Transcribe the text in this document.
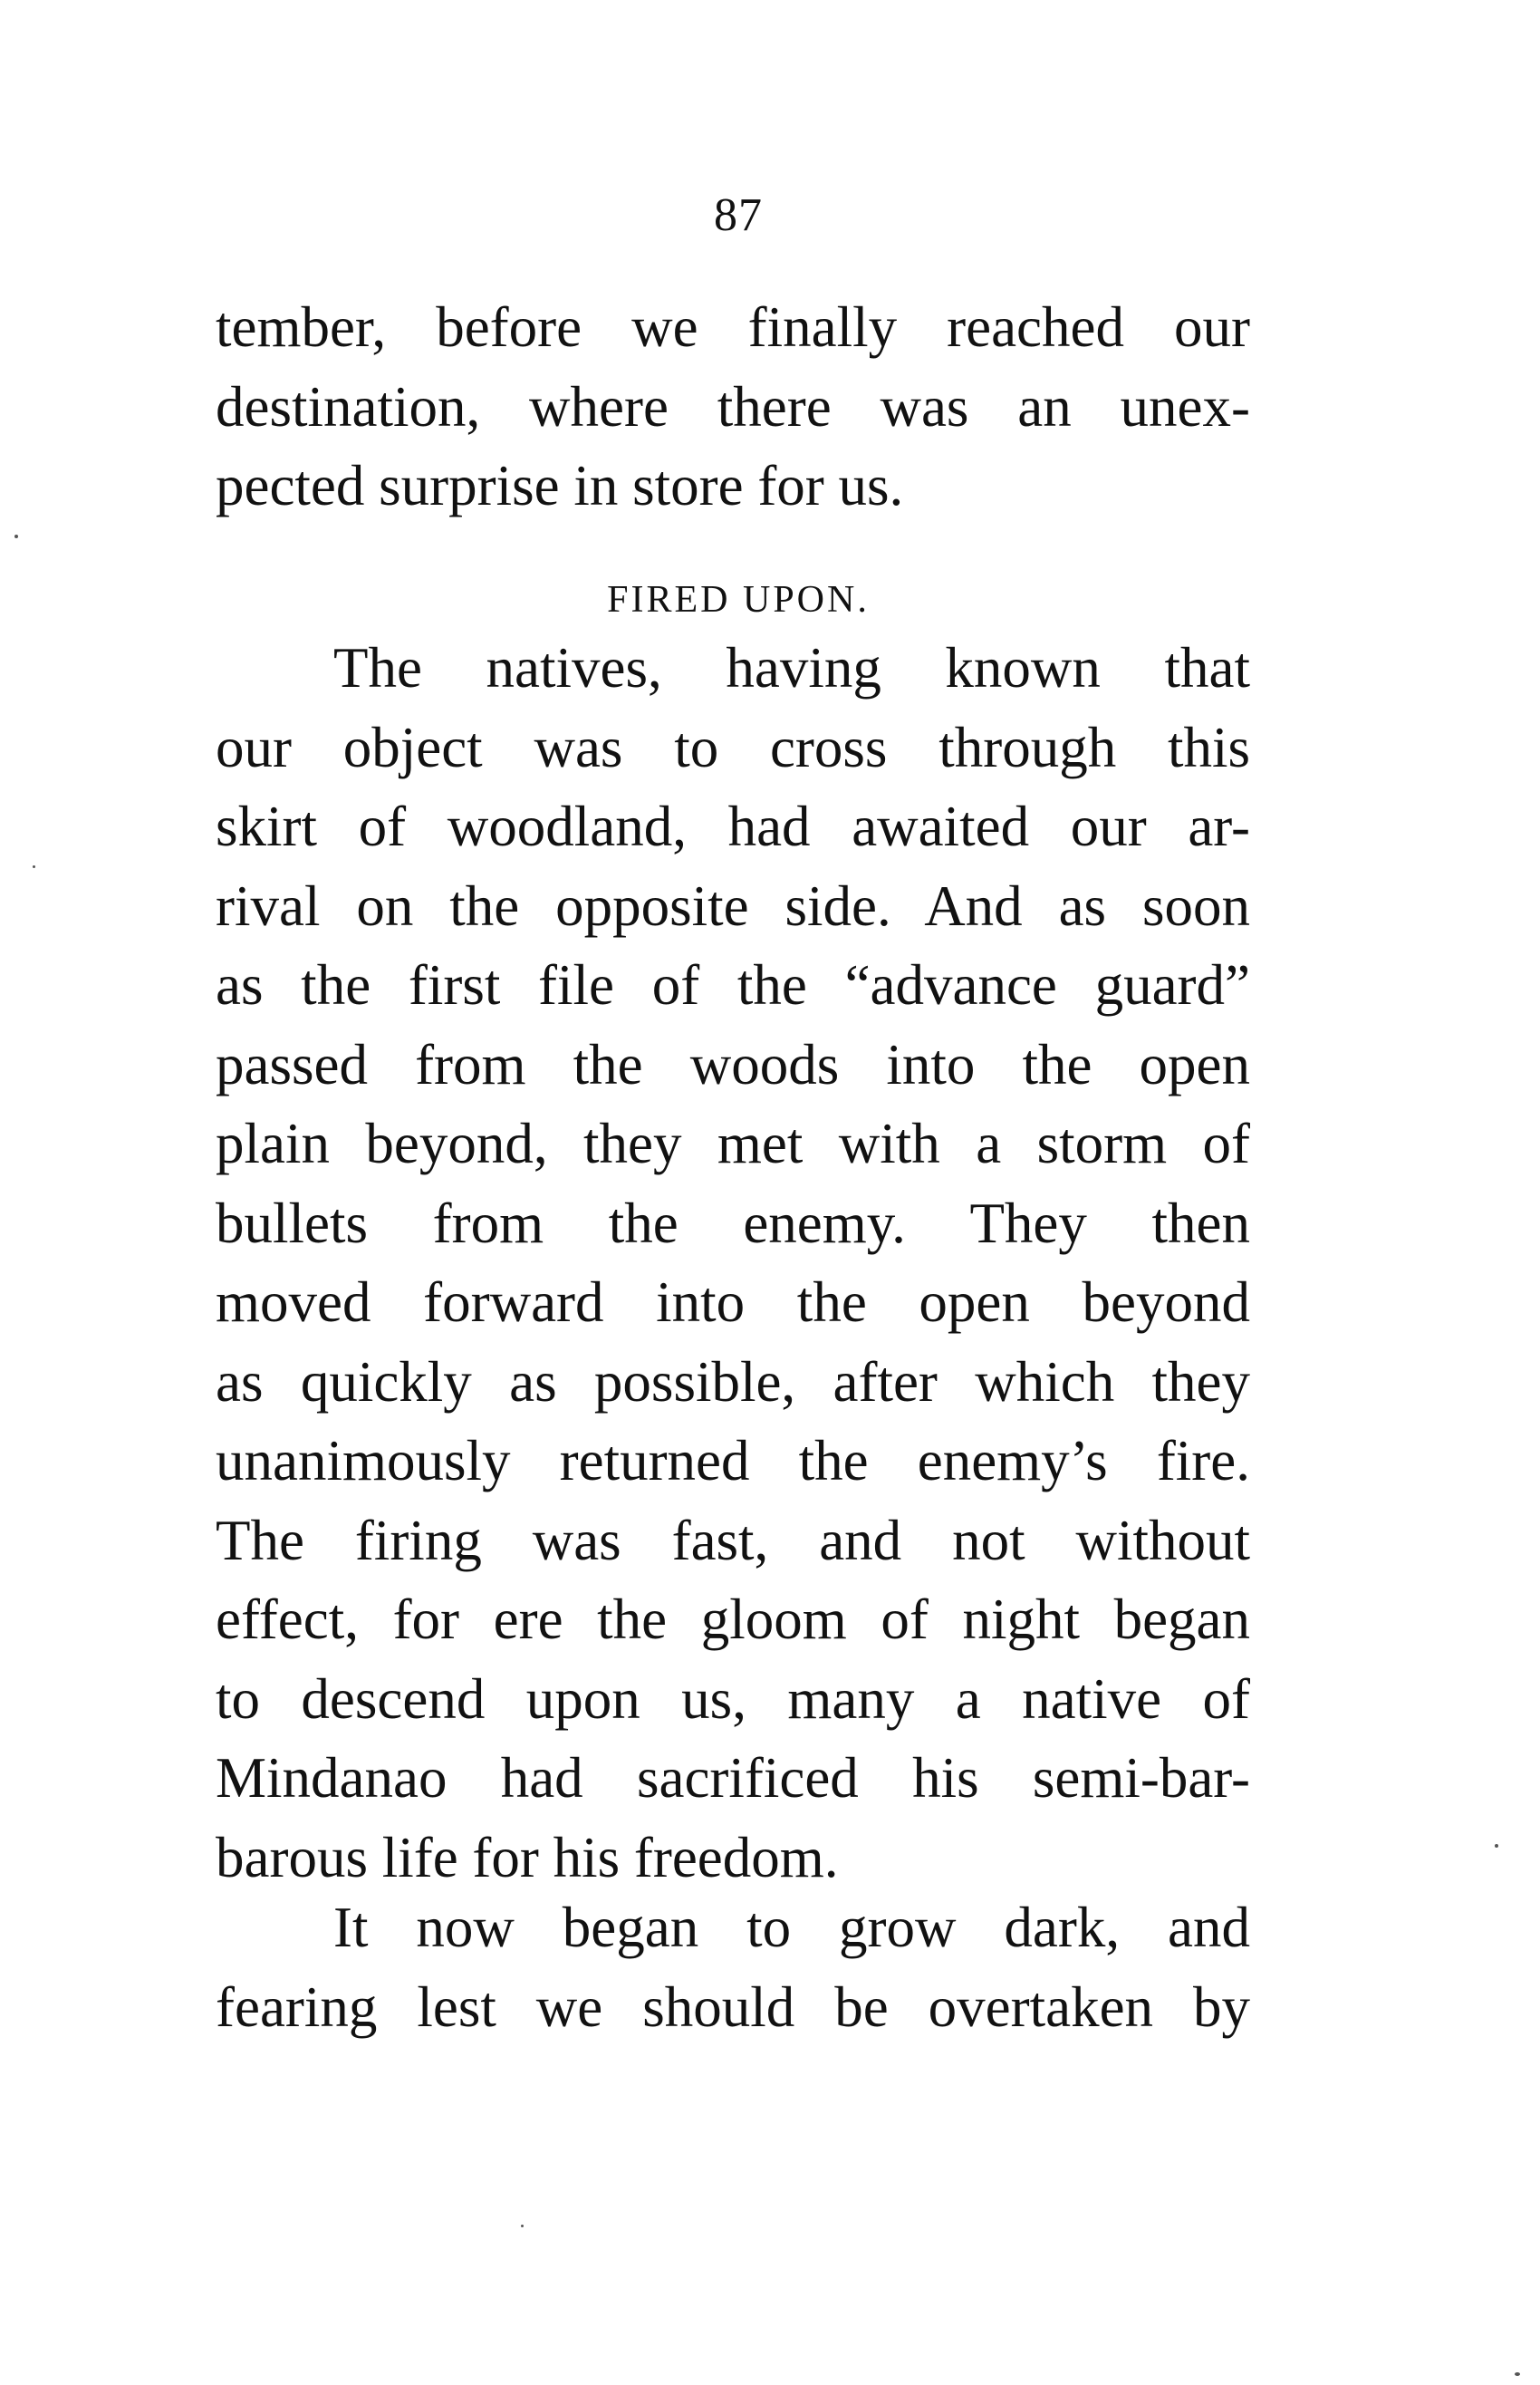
87
tember, before we finally reached our
destination, where there was an unex-
pected surprise in store for us.
FIRED UPON.
The natives, having known that
our object was to cross through this
skirt of woodland, had awaited our ar-
rival on the opposite side. And as soon
as the first file of the “advance guard”
passed from the woods into the open
plain beyond, they met with a storm of
bullets from the enemy. They then
moved forward into the open beyond
as quickly as possible, after which they
unanimously returned the enemy’s fire.
The firing was fast, and not without
effect, for ere the gloom of night began
to descend upon us, many a native of
Mindanao had sacrificed his semi-bar-
barous life for his freedom.
It now began to grow dark, and
fearing lest we should be overtaken by
